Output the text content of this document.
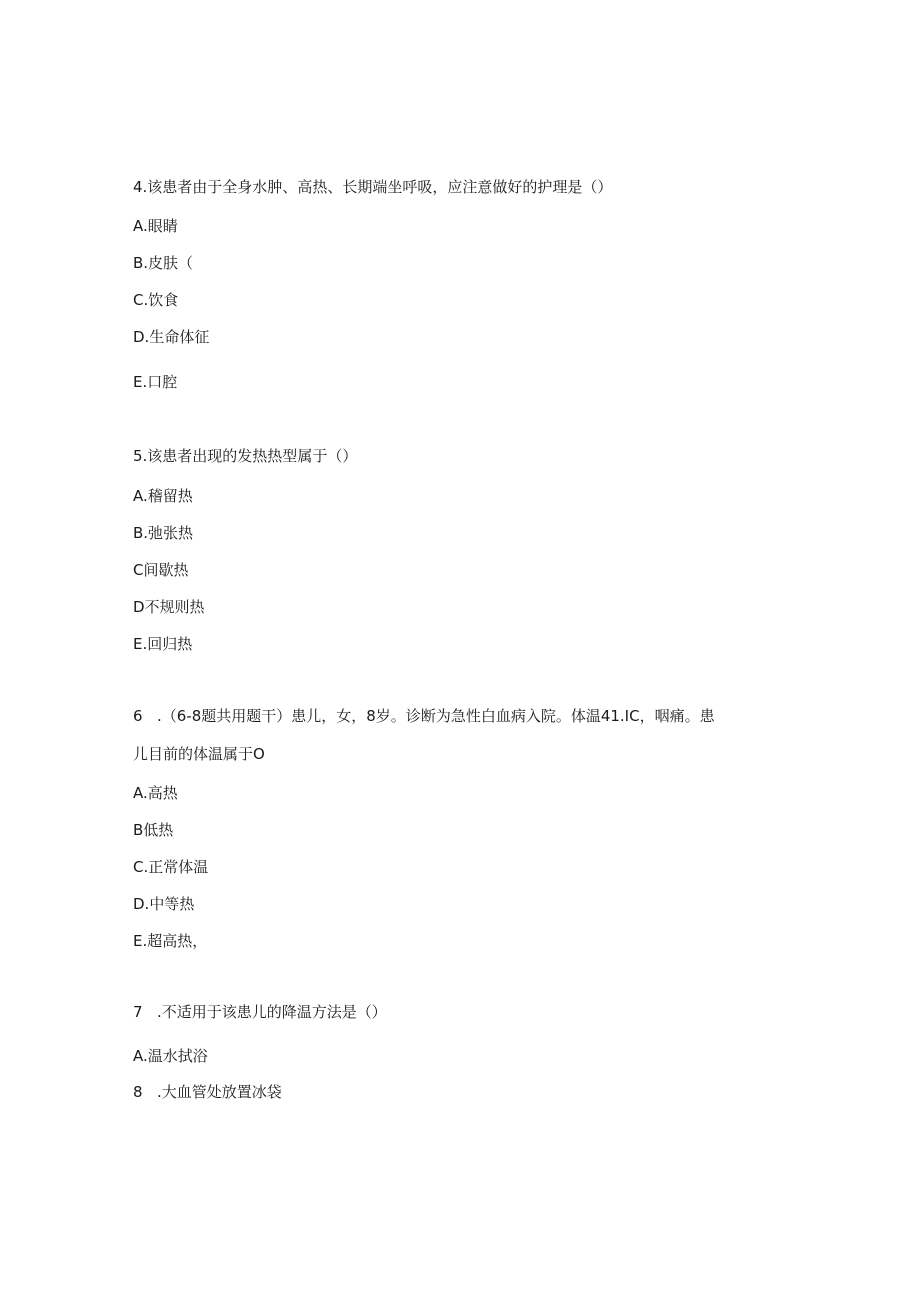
4.该患者由于全身水肿、高热、长期端坐呼吸，应注意做好的护理是（）
A.眼睛
B.皮肤（
C.饮食
D.生命体征
E.口腔
5.该患者出现的发热热型属于（）
A.稽留热
B.弛张热
C间歇热
D不规则热
E.回归热
6 .（6-8题共用题干）患儿，女，8岁。诊断为急性白血病入院。体温41.IC，咽痛。患
儿目前的体温属于O
A.高热
B低热
C.正常体温
D.中等热
E.超高热，
7 .不适用于该患儿的降温方法是（）
A.温水拭浴
8 .大血管处放置冰袋
